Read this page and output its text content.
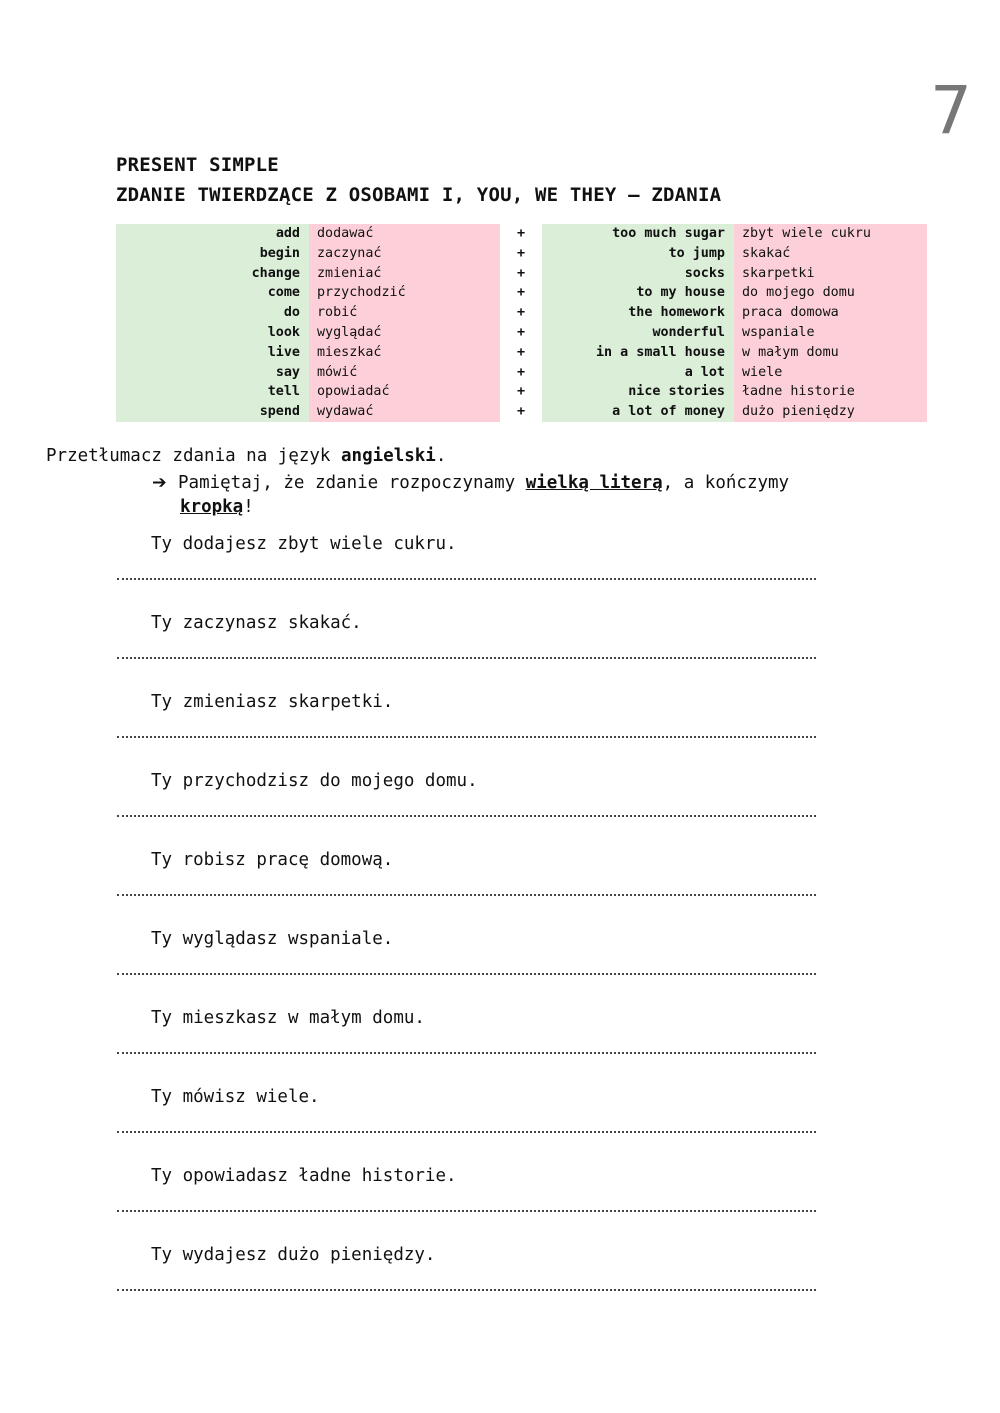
7
PRESENT SIMPLE
ZDANIE TWIERDZĄCE Z OSOBAMI I, YOU, WE THEY – ZDANIA
add
begin
change
come
do
look
live
say
tell
spend
dodawać
zaczynać
zmieniać
przychodzić
robić
wyglądać
mieszkać
mówić
opowiadać
wydawać
+
+
+
+
+
+
+
+
+
+
too much sugar
to jump
socks
to my house
the homework
wonderful
in a small house
a lot
nice stories
a lot of money
zbyt wiele cukru
skakać
skarpetki
do mojego domu
praca domowa
wspaniale
w małym domu
wiele
ładne historie
dużo pieniędzy
Przetłumacz zdania na język angielski.
➔ Pamiętaj, że zdanie rozpoczynamy wielką literą, a kończymy
kropką!
Ty dodajesz zbyt wiele cukru.
Ty zaczynasz skakać.
Ty zmieniasz skarpetki.
Ty przychodzisz do mojego domu.
Ty robisz pracę domową.
Ty wyglądasz wspaniale.
Ty mieszkasz w małym domu.
Ty mówisz wiele.
Ty opowiadasz ładne historie.
Ty wydajesz dużo pieniędzy.
